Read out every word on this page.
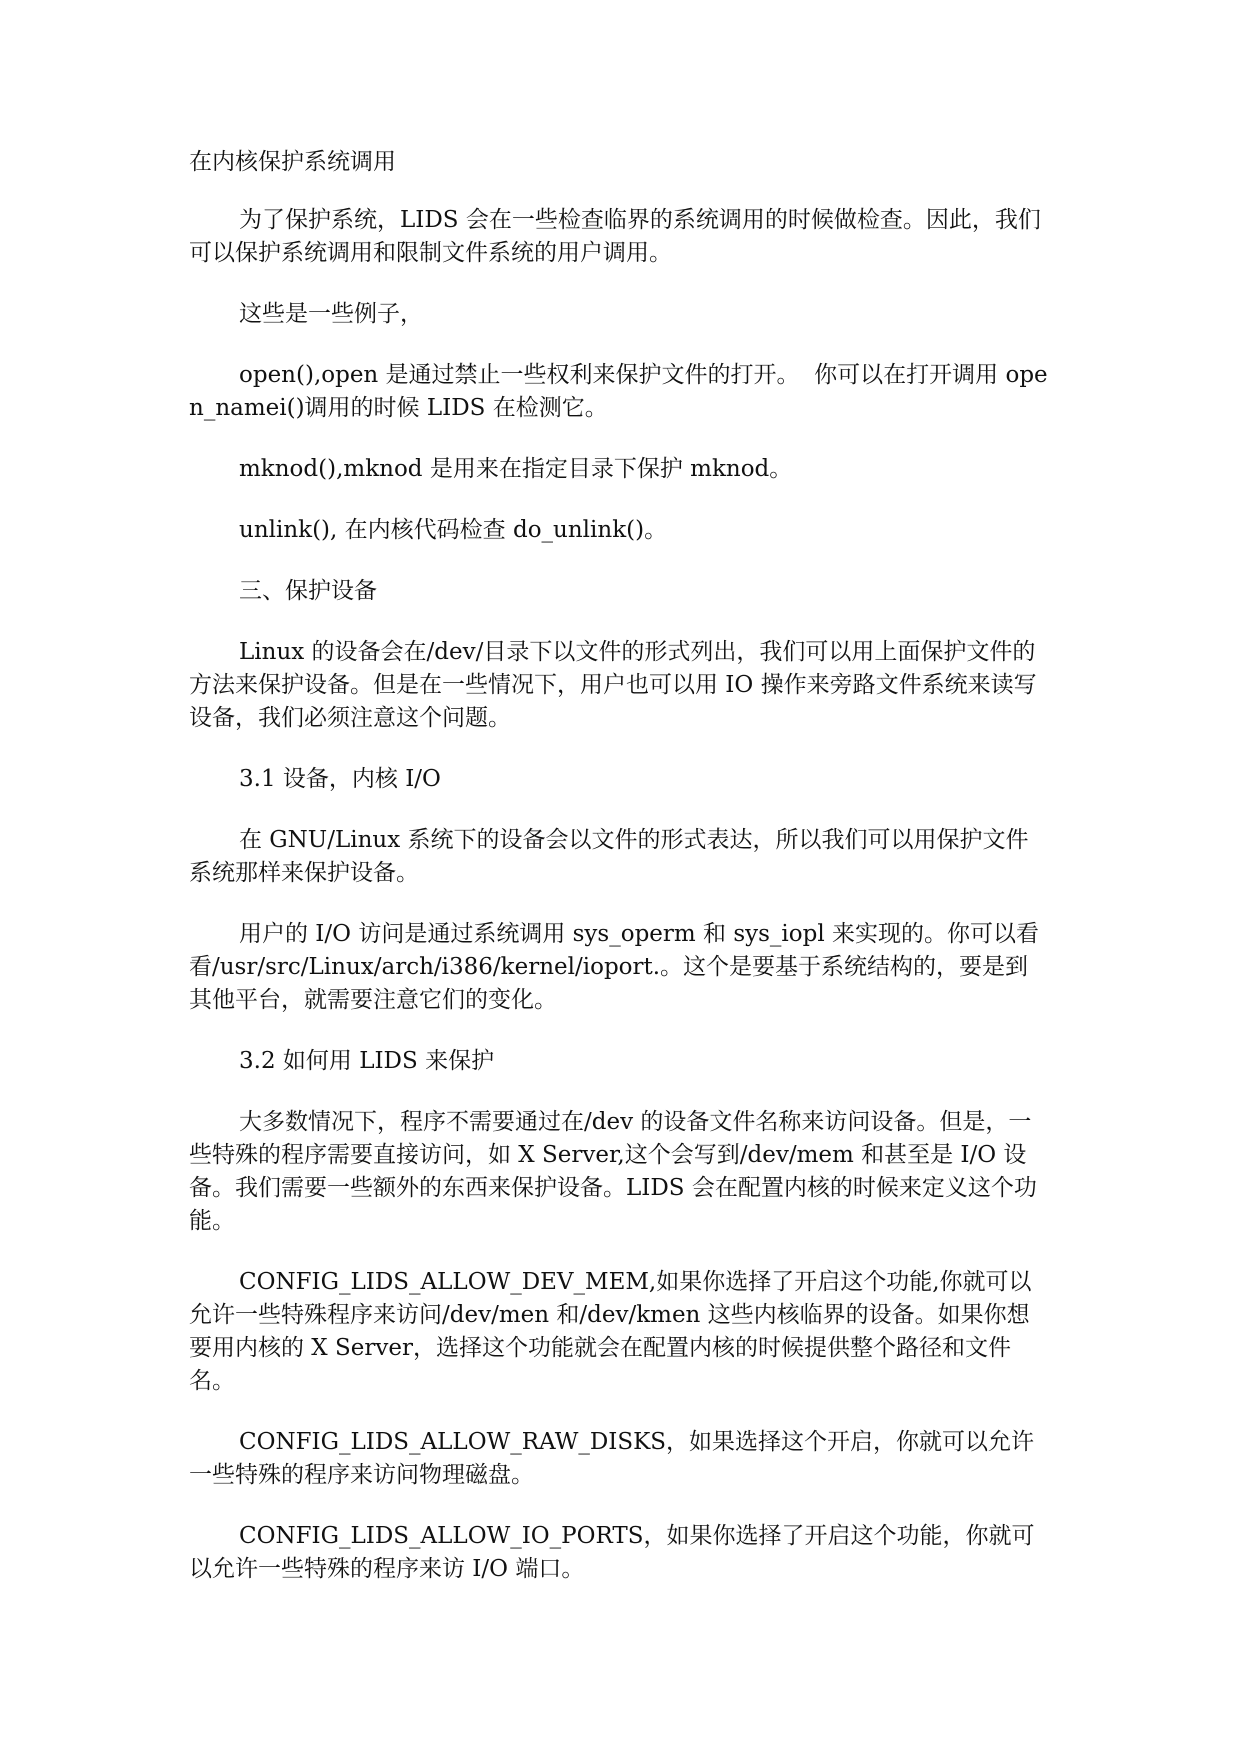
在内核保护系统调用

为了保护系统，LIDS 会在一些检查临界的系统调用的时候做检查。因此，我们可以保护系统调用和限制文件系统的用户调用。

这些是一些例子，

open(),open 是通过禁止一些权利来保护文件的打开。  你可以在打开调用 open_namei()调用的时候 LIDS 在检测它。

mknod(),mknod 是用来在指定目录下保护 mknod。

unlink(), 在内核代码检查 do_unlink()。

三、保护设备

Linux 的设备会在/dev/目录下以文件的形式列出，我们可以用上面保护文件的方法来保护设备。但是在一些情况下，用户也可以用 IO 操作来旁路文件系统来读写设备，我们必须注意这个问题。

3.1 设备，内核 I/O

在 GNU/Linux 系统下的设备会以文件的形式表达，所以我们可以用保护文件系统那样来保护设备。

用户的 I/O 访问是通过系统调用 sys_operm 和 sys_iopl 来实现的。你可以看看/usr/src/Linux/arch/i386/kernel/ioport.。这个是要基于系统结构的，要是到其他平台，就需要注意它们的变化。

3.2 如何用 LIDS 来保护

大多数情况下，程序不需要通过在/dev 的设备文件名称来访问设备。但是，一些特殊的程序需要直接访问，如 X Server,这个会写到/dev/mem 和甚至是 I/O 设备。我们需要一些额外的东西来保护设备。LIDS 会在配置内核的时候来定义这个功能。

CONFIG_LIDS_ALLOW_DEV_MEM,如果你选择了开启这个功能,你就可以允许一些特殊程序来访问/dev/men 和/dev/kmen 这些内核临界的设备。如果你想要用内核的 X Server，选择这个功能就会在配置内核的时候提供整个路径和文件名。

CONFIG_LIDS_ALLOW_RAW_DISKS，如果选择这个开启，你就可以允许一些特殊的程序来访问物理磁盘。

CONFIG_LIDS_ALLOW_IO_PORTS，如果你选择了开启这个功能，你就可以允许一些特殊的程序来访 I/O 端口。
